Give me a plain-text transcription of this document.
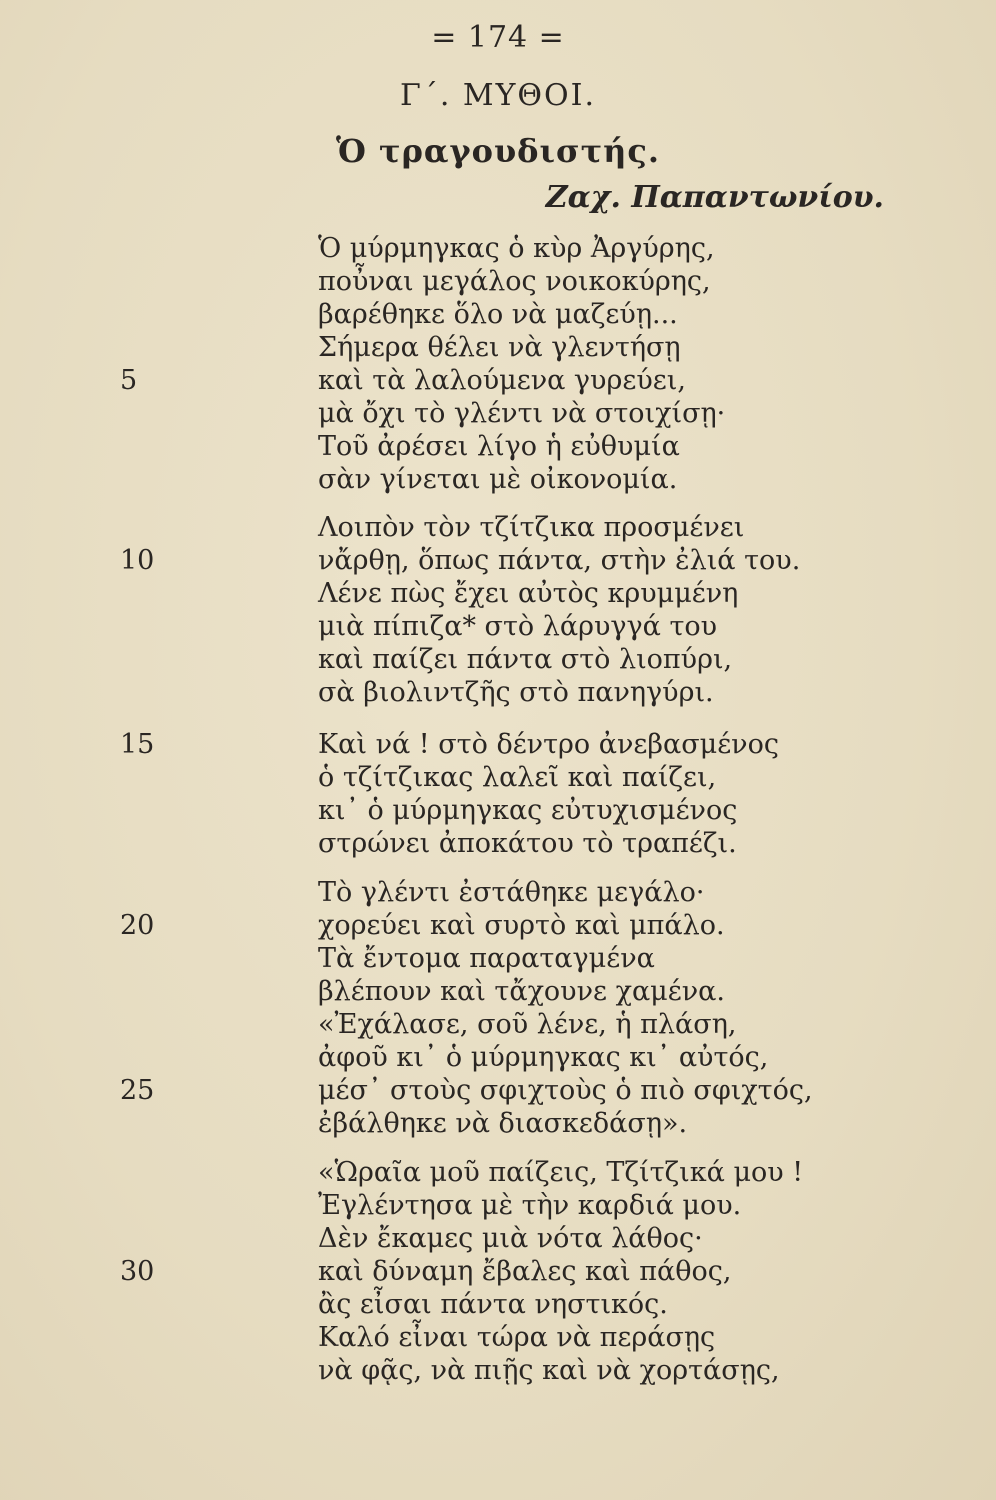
= 174 =
Γ΄. ΜΥΘΟΙ.
Ὁ τραγουδιστής.
Ζαχ. Παπαντωνίου.
Ὁ μύρμηγκας ὁ κὺρ Ἀργύρης,
ποὖναι μεγάλος νοικοκύρης,
βαρέθηκε ὅλο νὰ μαζεύῃ...
Σήμερα θέλει νὰ γλεντήσῃ
καὶ τὰ λαλούμενα γυρεύει,
μὰ ὄχι τὸ γλέντι νὰ στοιχίσῃ·
Τοῦ ἀρέσει λίγο ἡ εὐθυμία
σὰν γίνεται μὲ οἰκονομία.
Λοιπὸν τὸν τζίτζικα προσμένει
νἄρθῃ, ὅπως πάντα, στὴν ἐλιά του.
Λένε πὼς ἔχει αὐτὸς κρυμμένη
μιὰ πίπιζα* στὸ λάρυγγά του
καὶ παίζει πάντα στὸ λιοπύρι,
σὰ βιολιντζῆς στὸ πανηγύρι.
Καὶ νά ! στὸ δέντρο ἀνεβασμένος
ὁ τζίτζικας λαλεῖ καὶ παίζει,
κι᾿ ὁ μύρμηγκας εὐτυχισμένος
στρώνει ἀποκάτου τὸ τραπέζι.
Τὸ γλέντι ἐστάθηκε μεγάλο·
χορεύει καὶ συρτὸ καὶ μπάλο.
Τὰ ἔντομα παραταγμένα
βλέπουν καὶ τἄχουνε χαμένα.
«Ἐχάλασε, σοῦ λένε, ἡ πλάση,
ἀφοῦ κι᾿ ὁ μύρμηγκας κι᾿ αὐτός,
μέσ᾿ στοὺς σφιχτοὺς ὁ πιὸ σφιχτός,
ἐβάλθηκε νὰ διασκεδάσῃ».
«Ὡραῖα μοῦ παίζεις, Τζίτζικά μου !
Ἐγλέντησα μὲ τὴν καρδιά μου.
Δὲν ἔκαμες μιὰ νότα λάθος·
καὶ δύναμη ἔβαλες καὶ πάθος,
ἂς εἶσαι πάντα νηστικός.
Καλό εἶναι τώρα νὰ περάσῃς
νὰ φᾷς, νὰ πιῇς καὶ νὰ χορτάσῃς,
5
10
15
20
25
30
